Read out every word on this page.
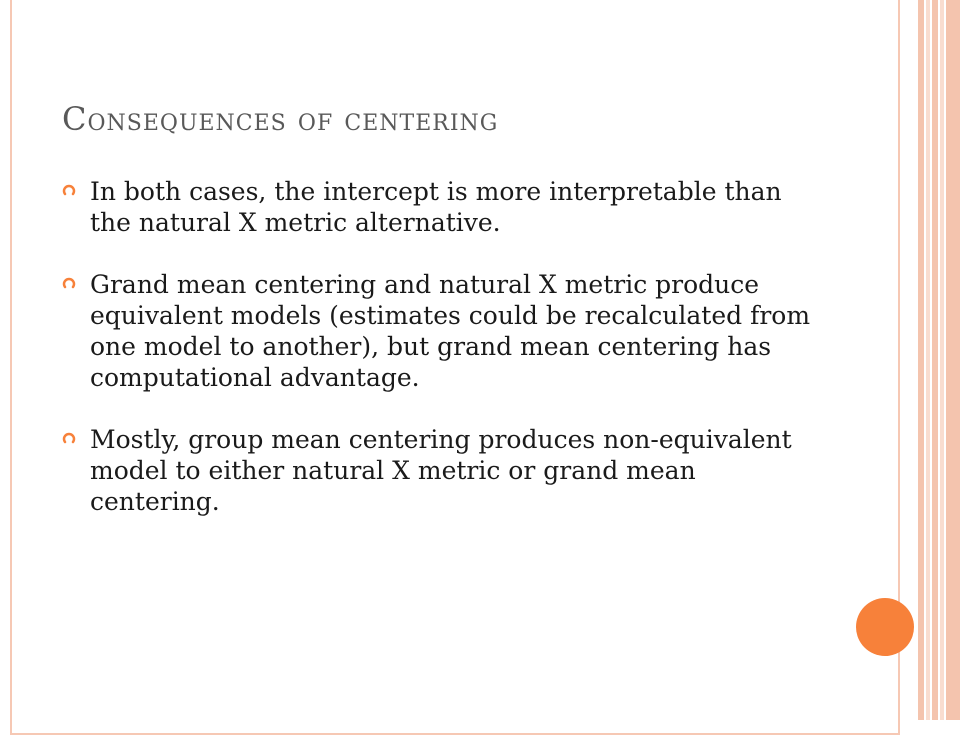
Consequences of centering
In both cases, the intercept is more interpretable than the natural X metric alternative.
Grand mean centering and natural X metric produce equivalent models (estimates could be recalculated from one model to another), but grand mean centering has computational advantage.
Mostly, group mean centering produces non-equivalent model to either natural X metric or grand mean centering.
